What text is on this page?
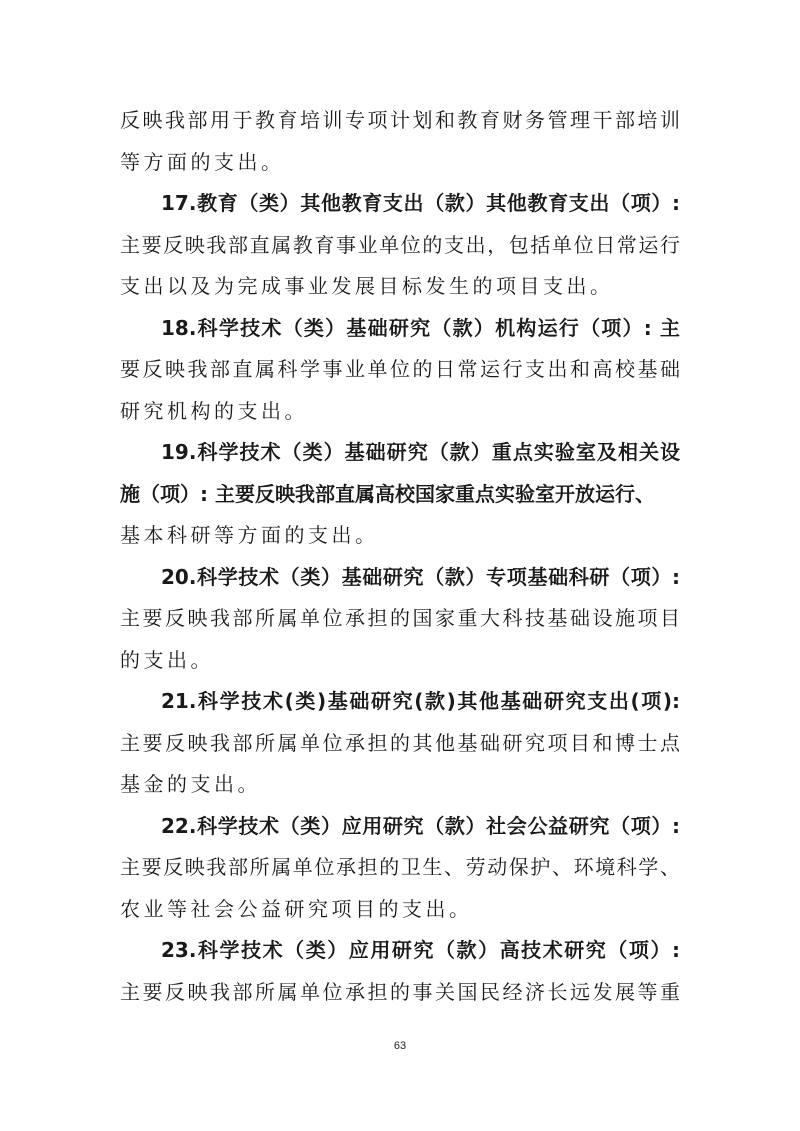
反映我部用于教育培训专项计划和教育财务管理干部培训
等方面的支出。
17.教育（类）其他教育支出（款）其他教育支出（项）:
主要反映我部直属教育事业单位的支出，包括单位日常运行
支出以及为完成事业发展目标发生的项目支出。
18.科学技术（类）基础研究（款）机构运行（项）: 主
要反映我部直属科学事业单位的日常运行支出和高校基础
研究机构的支出。
19.科学技术（类）基础研究（款）重点实验室及相关设
施（项）: 主要反映我部直属高校国家重点实验室开放运行、
基本科研等方面的支出。
20.科学技术（类）基础研究（款）专项基础科研（项）:
主要反映我部所属单位承担的国家重大科技基础设施项目
的支出。
21.科学技术(类)基础研究(款)其他基础研究支出(项):
主要反映我部所属单位承担的其他基础研究项目和博士点
基金的支出。
22.科学技术（类）应用研究（款）社会公益研究（项）:
主要反映我部所属单位承担的卫生、劳动保护、环境科学、
农业等社会公益研究项目的支出。
23.科学技术（类）应用研究（款）高技术研究（项）:
主要反映我部所属单位承担的事关国民经济长远发展等重
63
